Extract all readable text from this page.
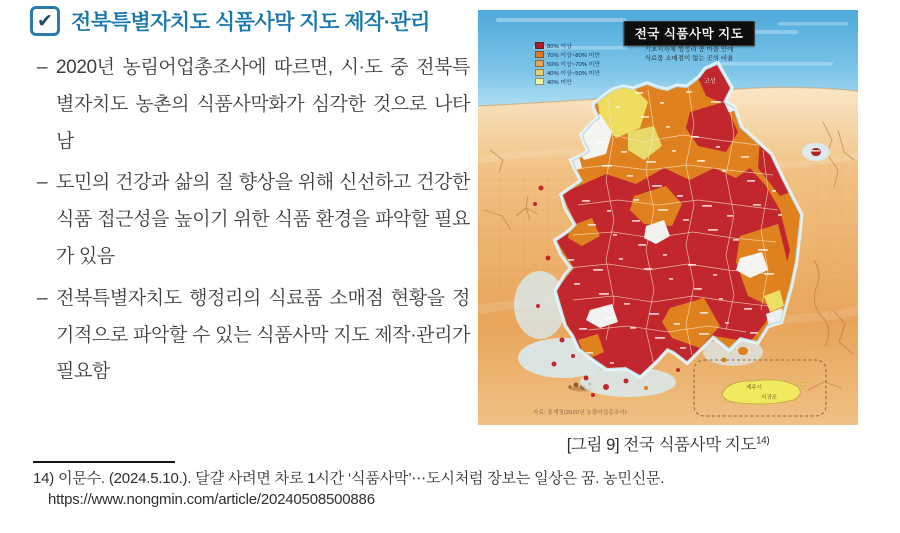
✔ 전북특별자치도 식품사막 지도 제작·관리
– 2020년 농림어업총조사에 따르면, 시·도 중 전북특별자치도 농촌의 식품사막화가 심각한 것으로 나타남
– 도민의 건강과 삶의 질 향상을 위해 신선하고 건강한 식품 접근성을 높이기 위한 식품 환경을 파악할 필요가 있음
– 전북특별자치도 행정리의 식료품 소매점 현황을 정기적으로 파악할 수 있는 식품사막 지도 제작·관리가 필요함
전국 식품사막 지도
기초지자체 행정리 중 마을 안에
식료품 소매점이 없는 곳의 비율
80% 이상
70% 이상~80% 미만
50% 이상~70% 미만
40% 이상~50% 미만
40% 미만	고성
제주시
서귀포
자료: 통계청(2020년 농림어업총조사)
[그림 9] 전국 식품사막 지도$^{14)}$
14) 이문수. (2024.5.10.). 달걀 사려면 차로 1시간 ‘식품사막’⋯도시처럼 장보는 일상은 꿈. 농민신문.
https://www.nongmin.com/article/20240508500886
